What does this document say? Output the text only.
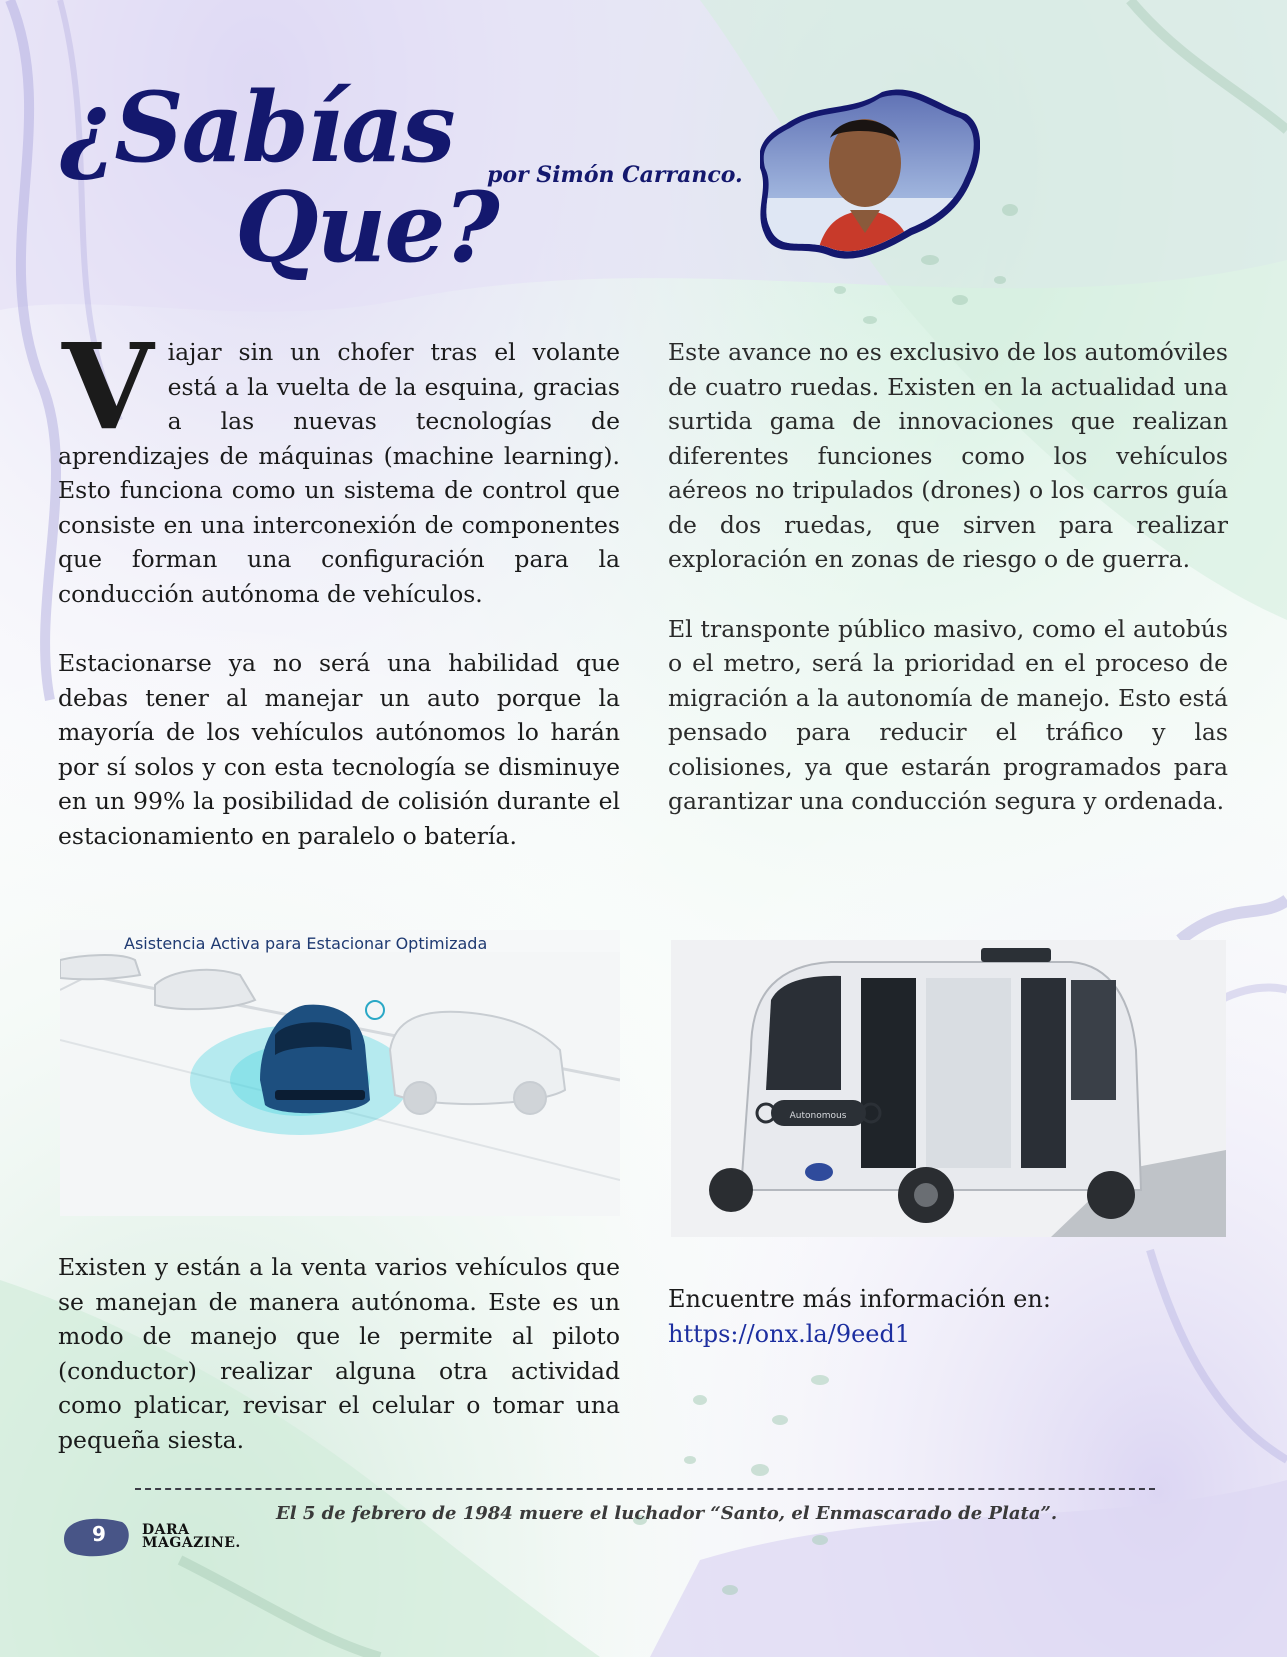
¿Sabías
Que?
por Simón Carranco.

V iajar sin un chofer tras el volante está a la vuelta de la esquina, gracias a las nuevas tecnologías de aprendizajes de máquinas (machine learning). Esto funciona como un sistema de control que consiste en una interconexión de componentes que forman una configuración para la conducción autónoma de vehículos.

Estacionarse ya no será una habilidad que debas tener al manejar un auto porque la mayoría de los vehículos autónomos lo harán por sí solos y con esta tecnología se disminuye en un 99% la posibilidad de colisión durante el estacionamiento en paralelo o batería.

Este avance no es exclusivo de los automóviles de cuatro ruedas. Existen en la actualidad una surtida gama de innovaciones que realizan diferentes funciones como los vehículos aéreos no tripulados (drones) o los carros guía de dos ruedas, que sirven para realizar exploración en zonas de riesgo o de guerra.

El transponte público masivo, como el autobús o el metro, será la prioridad en el proceso de migración a la autonomía de manejo. Esto está pensado para reducir el tráfico y las colisiones, ya que estarán programados para garantizar una conducción segura y ordenada.

Asistencia Activa para Estacionar Optimizada
Autonomous

Existen y están a la venta varios vehículos que se manejan de manera autónoma. Este es un modo de manejo que le permite al piloto (conductor) realizar alguna otra actividad como platicar, revisar el celular o tomar una pequeña siesta.

Encuentre más información en:
https://onx.la/9eed1
El 5 de febrero de 1984 muere el luchador “Santo, el Enmascarado de Plata”.
9	DARA
MAGAZINE.
